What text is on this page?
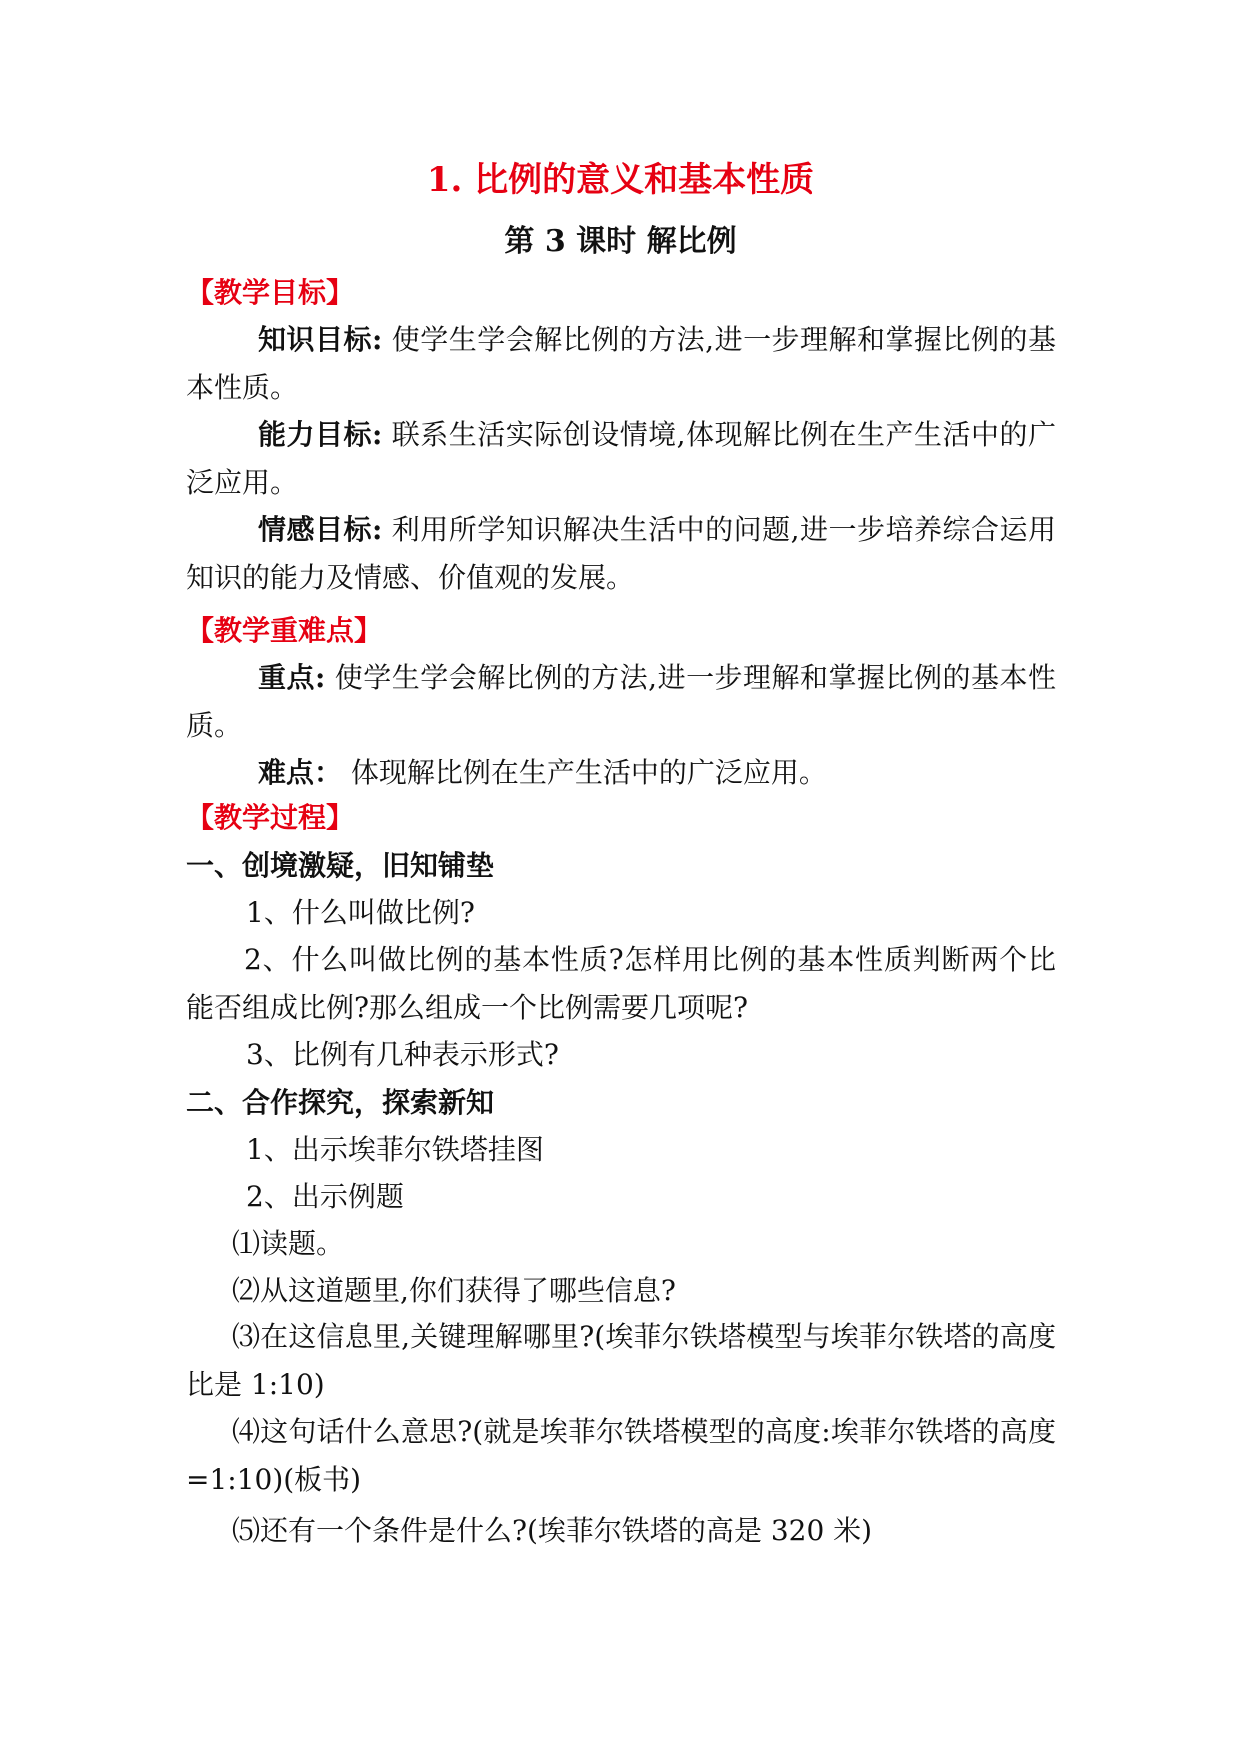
1. 比例的意义和基本性质
第 3 课时 解比例
【教学目标】
知识目标: 使学生学会解比例的方法,进一步理解和掌握比例的基本性质。
能力目标: 联系生活实际创设情境,体现解比例在生产生活中的广泛应用。
情感目标: 利用所学知识解决生活中的问题,进一步培养综合运用知识的能力及情感、价值观的发展。
【教学重难点】
重点: 使学生学会解比例的方法,进一步理解和掌握比例的基本性质。
难点： 体现解比例在生产生活中的广泛应用。
【教学过程】
一、创境激疑，旧知铺垫
1、什么叫做比例?
2、什么叫做比例的基本性质?怎样用比例的基本性质判断两个比能否组成比例?那么组成一个比例需要几项呢?
3、比例有几种表示形式?
二、合作探究，探索新知
1、出示埃菲尔铁塔挂图
2、出示例题
⑴读题。
⑵从这道题里,你们获得了哪些信息?
⑶在这信息里,关键理解哪里?(埃菲尔铁塔模型与埃菲尔铁塔的高度比是 1:10)
⑷这句话什么意思?(就是埃菲尔铁塔模型的高度:埃菲尔铁塔的高度=1:10)(板书)
⑸还有一个条件是什么?(埃菲尔铁塔的高是 320 米)
